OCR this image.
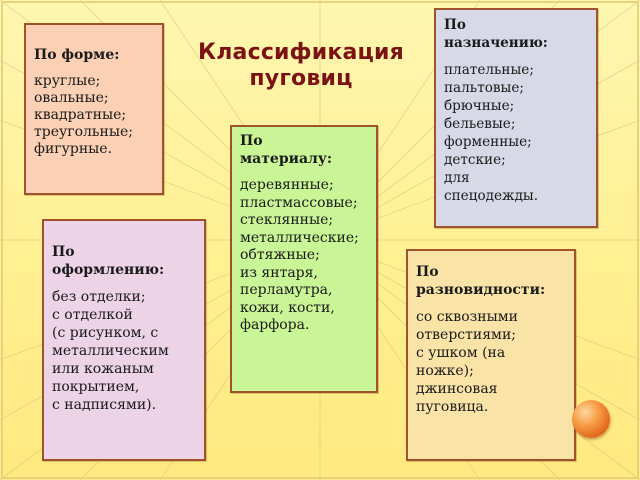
Классификация
пуговиц
По форме:
круглые;
овальные;
квадратные;
треугольные;
фигурные.
По
назначению:
плательные;
пальтовые;
брючные;
бельевые;
форменные;
детские;
для
спецодежды.
По
материалу:
деревянные;
пластмассовые;
стеклянные;
металлические;
обтяжные;
из янтаря,
перламутра,
кожи, кости,
фарфора.
По
оформлению:
без отделки;
с отделкой
(с рисунком, с
металлическим
или кожаным
покрытием,
с надписями).
По
разновидности:
со сквозными
отверстиями;
с ушком (на
ножке);
джинсовая
пуговица.
